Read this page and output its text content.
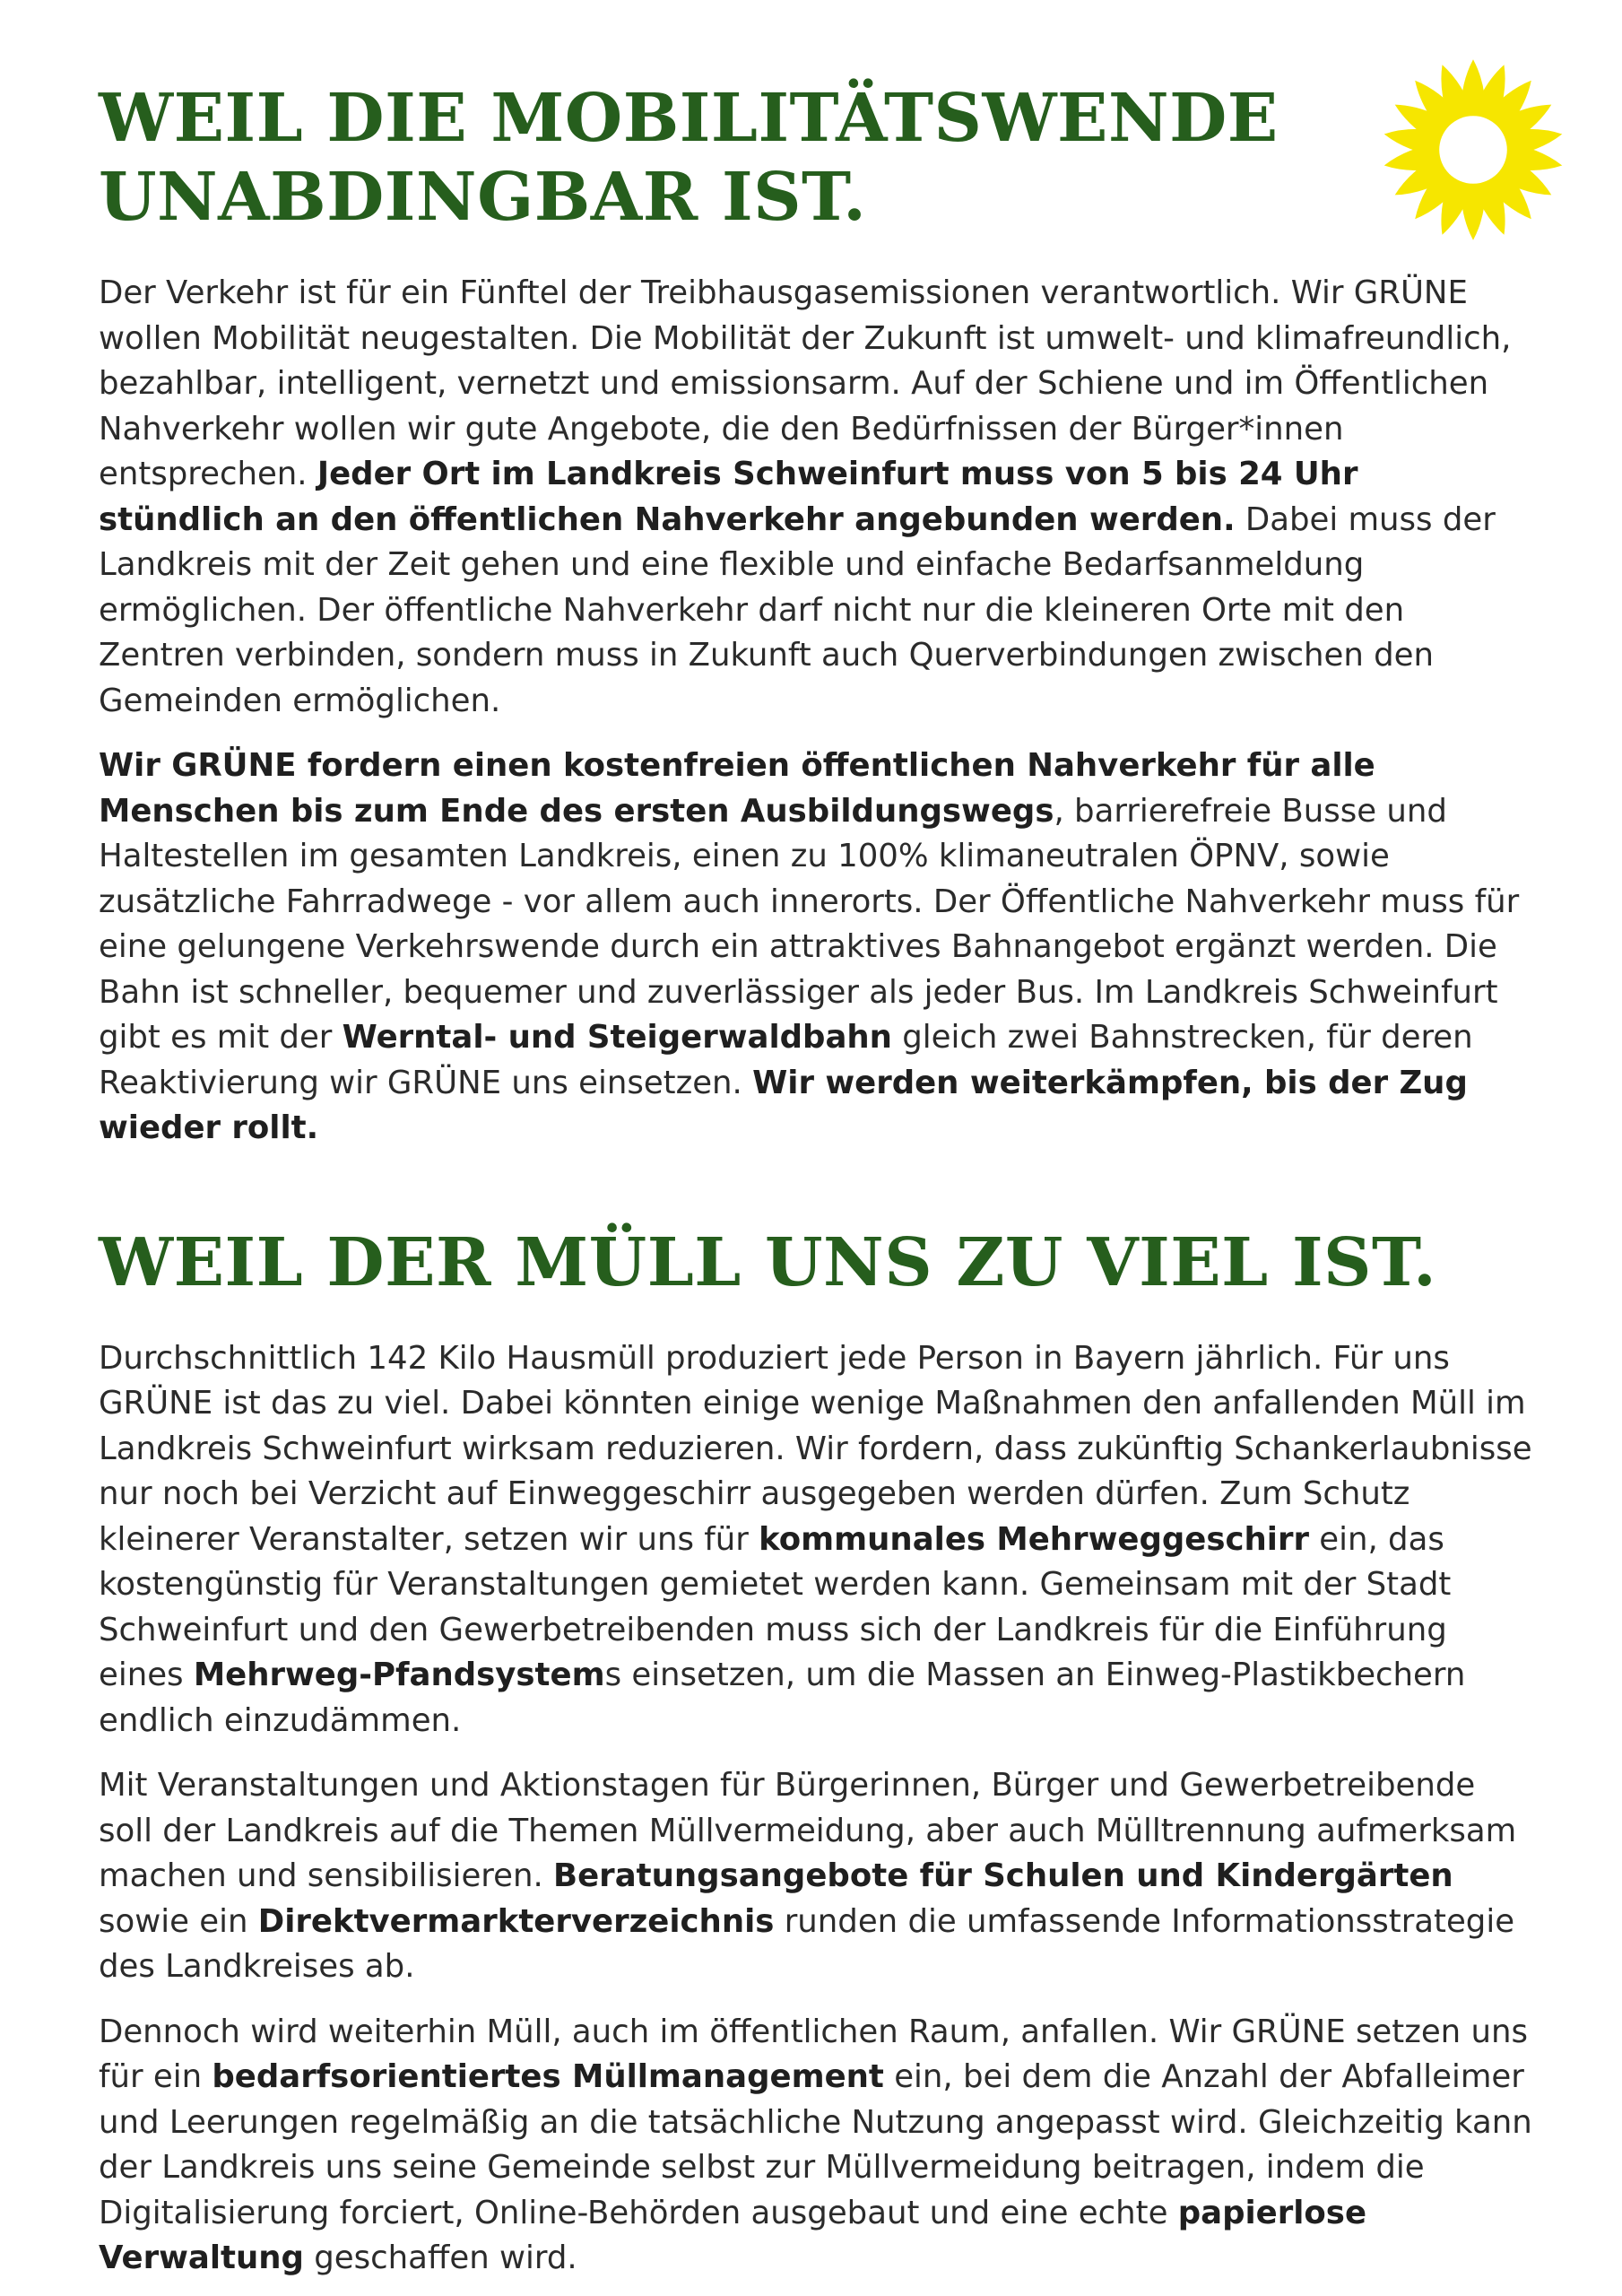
WEIL DIE MOBILITÄTSWENDE UNABDINGBAR IST.

Der Verkehr ist für ein Fünftel der Treibhausgasemissionen verantwortlich. Wir GRÜNE wollen Mobilität neugestalten. Die Mobilität der Zukunft ist umwelt- und klimafreundlich, bezahlbar, intelligent, vernetzt und emissionsarm. Auf der Schiene und im Öffentlichen Nahverkehr wollen wir gute Angebote, die den Bedürfnissen der Bürger*innen entsprechen. Jeder Ort im Landkreis Schweinfurt muss von 5 bis 24 Uhr stündlich an den öffentlichen Nahverkehr angebunden werden. Dabei muss der Landkreis mit der Zeit gehen und eine flexible und einfache Bedarfsanmeldung ermöglichen. Der öffentliche Nahverkehr darf nicht nur die kleineren Orte mit den Zentren verbinden, sondern muss in Zukunft auch Querverbindungen zwischen den Gemeinden ermöglichen.

Wir GRÜNE fordern einen kostenfreien öffentlichen Nahverkehr für alle Menschen bis zum Ende des ersten Ausbildungswegs, barrierefreie Busse und Haltestellen im gesamten Landkreis, einen zu 100% klimaneutralen ÖPNV, sowie zusätzliche Fahrradwege - vor allem auch innerorts. Der Öffentliche Nahverkehr muss für eine gelungene Verkehrswende durch ein attraktives Bahnangebot ergänzt werden. Die Bahn ist schneller, bequemer und zuverlässiger als jeder Bus. Im Landkreis Schweinfurt gibt es mit der Werntal- und Steigerwaldbahn gleich zwei Bahnstrecken, für deren Reaktivierung wir GRÜNE uns einsetzen. Wir werden weiterkämpfen, bis der Zug wieder rollt.

WEIL DER MÜLL UNS ZU VIEL IST.

Durchschnittlich 142 Kilo Hausmüll produziert jede Person in Bayern jährlich. Für uns GRÜNE ist das zu viel. Dabei könnten einige wenige Maßnahmen den anfallenden Müll im Landkreis Schweinfurt wirksam reduzieren. Wir fordern, dass zukünftig Schankerlaubnisse nur noch bei Verzicht auf Einweggeschirr ausgegeben werden dürfen. Zum Schutz kleinerer Veranstalter, setzen wir uns für kommunales Mehrweggeschirr ein, das kostengünstig für Veranstaltungen gemietet werden kann. Gemeinsam mit der Stadt Schweinfurt und den Gewerbetreibenden muss sich der Landkreis für die Einführung eines Mehrweg-Pfandsystems einsetzen, um die Massen an Einweg-Plastikbechern endlich einzudämmen.

Mit Veranstaltungen und Aktionstagen für Bürgerinnen, Bürger und Gewerbetreibende soll der Landkreis auf die Themen Müllvermeidung, aber auch Mülltrennung aufmerksam machen und sensibilisieren. Beratungsangebote für Schulen und Kindergärten sowie ein Direktvermarkterverzeichnis runden die umfassende Informationsstrategie des Landkreises ab.

Dennoch wird weiterhin Müll, auch im öffentlichen Raum, anfallen. Wir GRÜNE setzen uns für ein bedarfsorientiertes Müllmanagement ein, bei dem die Anzahl der Abfalleimer und Leerungen regelmäßig an die tatsächliche Nutzung angepasst wird. Gleichzeitig kann der Landkreis uns seine Gemeinde selbst zur Müllvermeidung beitragen, indem die Digitalisierung forciert, Online-Behörden ausgebaut und eine echte papierlose Verwaltung geschaffen wird.
